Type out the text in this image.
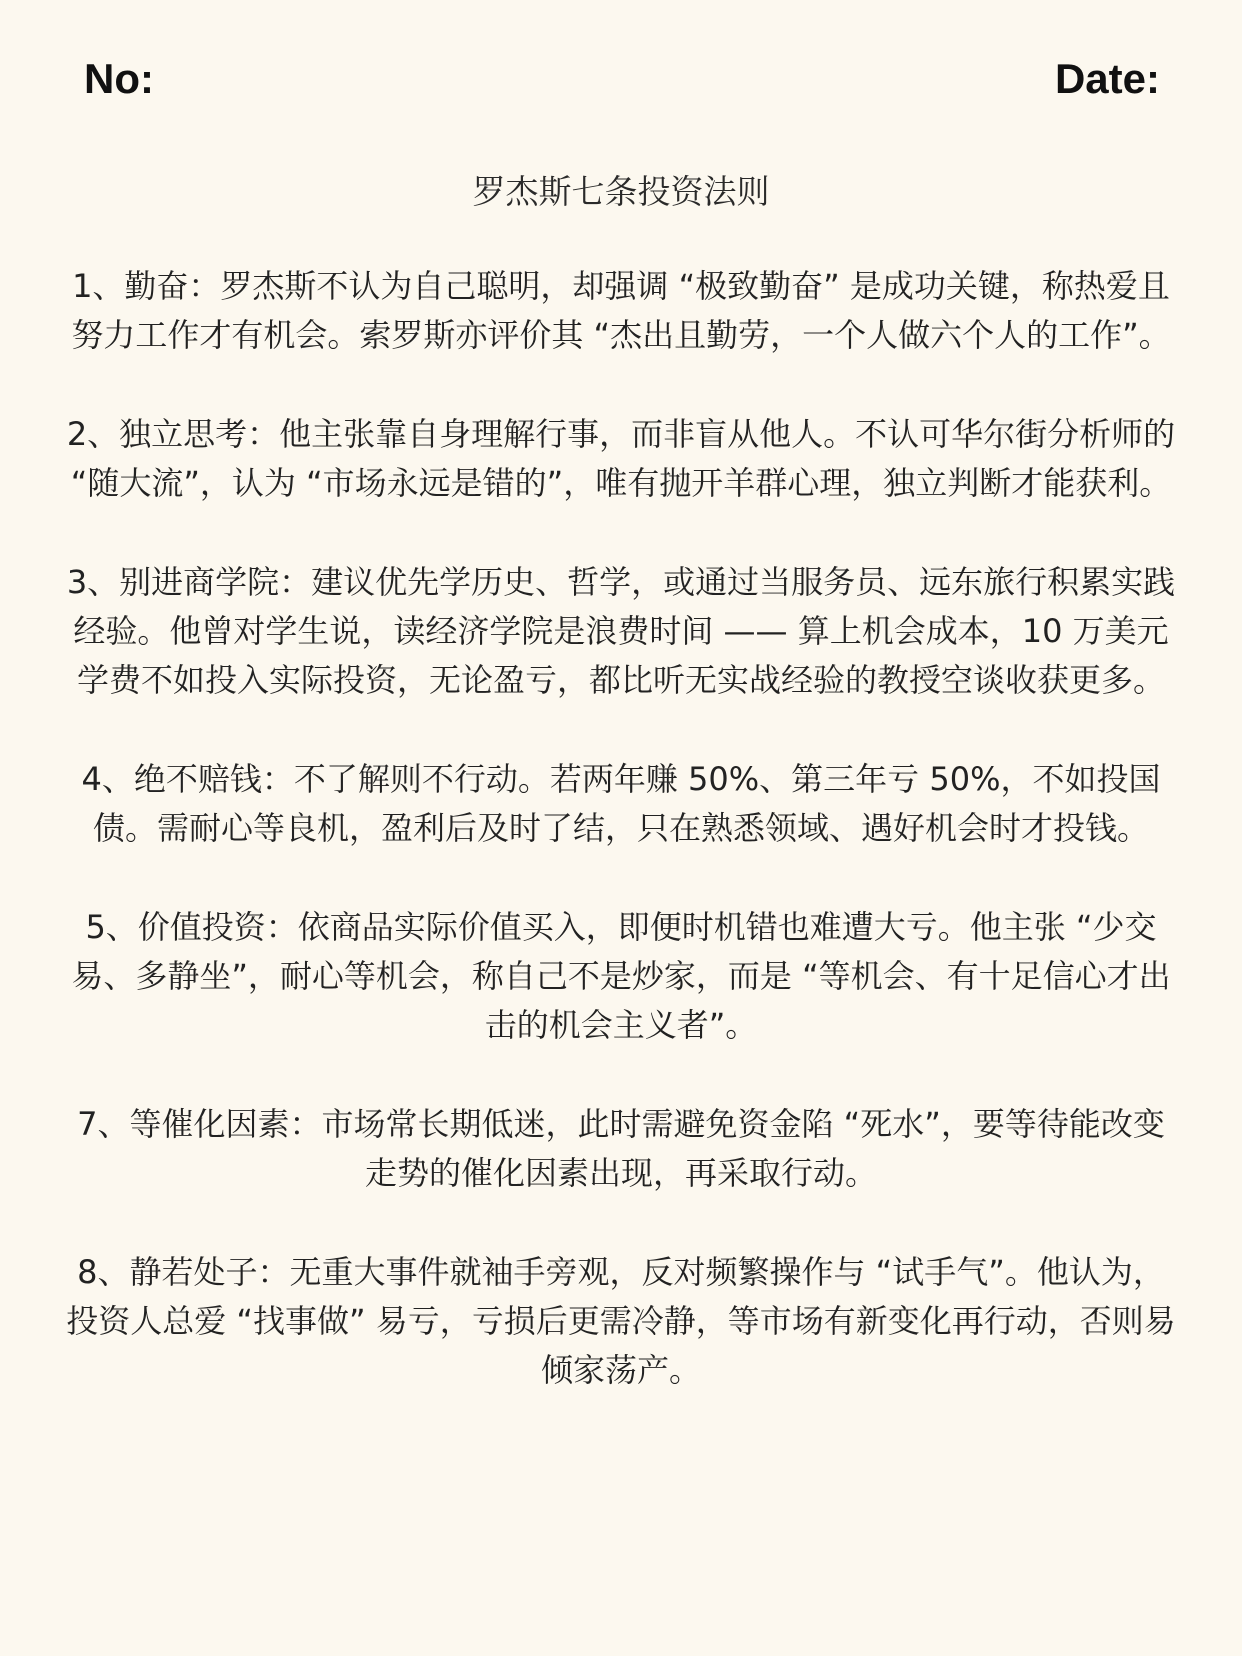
No:	Date:
罗杰斯七条投资法则
1、勤奋：罗杰斯不认为自己聪明，却强调 “极致勤奋” 是成功关键，称热爱且努力工作才有机会。索罗斯亦评价其 “杰出且勤劳，一个人做六个人的工作”。
2、独立思考：他主张靠自身理解行事，而非盲从他人。不认可华尔街分析师的 “随大流”，认为 “市场永远是错的”，唯有抛开羊群心理，独立判断才能获利。
3、别进商学院：建议优先学历史、哲学，或通过当服务员、远东旅行积累实践经验。他曾对学生说，读经济学院是浪费时间 —— 算上机会成本，10 万美元学费不如投入实际投资，无论盈亏，都比听无实战经验的教授空谈收获更多。
4、绝不赔钱：不了解则不行动。若两年赚 50%、第三年亏 50%，不如投国债。需耐心等良机，盈利后及时了结，只在熟悉领域、遇好机会时才投钱。
5、价值投资：依商品实际价值买入，即便时机错也难遭大亏。他主张 “少交易、多静坐”，耐心等机会，称自己不是炒家，而是 “等机会、有十足信心才出击的机会主义者”。
7、等催化因素：市场常长期低迷，此时需避免资金陷 “死水”，要等待能改变走势的催化因素出现，再采取行动。
8、静若处子：无重大事件就袖手旁观，反对频繁操作与 “试手气”。他认为，投资人总爱 “找事做” 易亏，亏损后更需冷静，等市场有新变化再行动，否则易倾家荡产。
